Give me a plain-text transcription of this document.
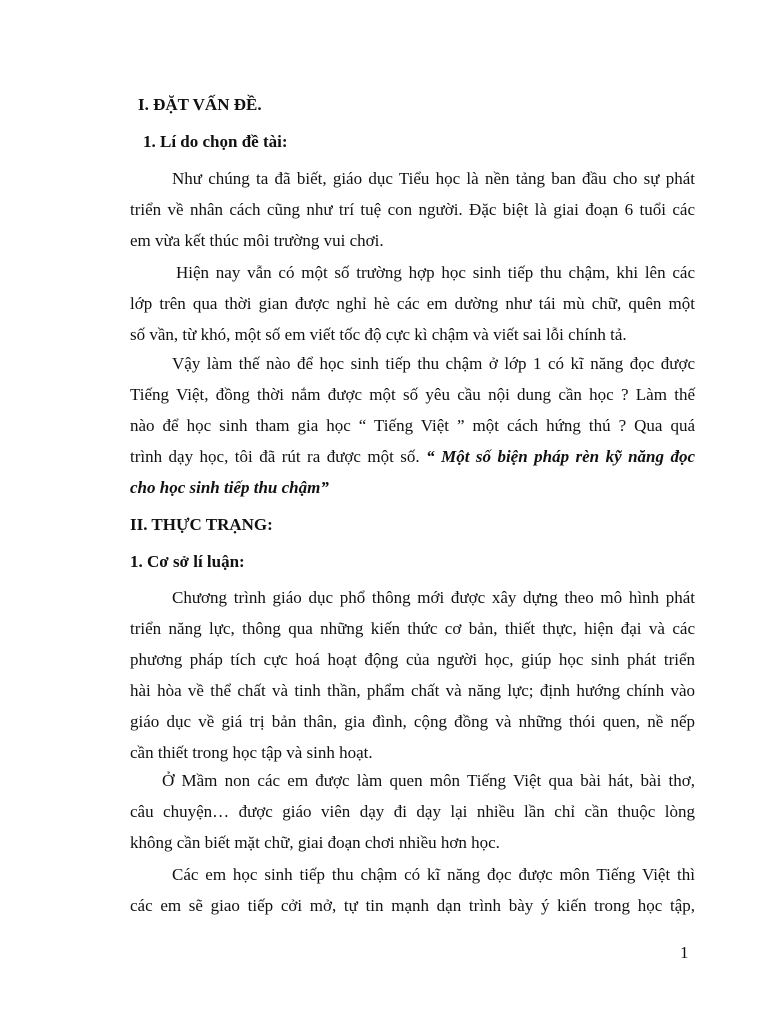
I. ĐẶT VẤN ĐỀ.
1. Lí do chọn đề tài:
Như chúng ta đã biết, giáo dục Tiểu học là nền tảng ban đầu cho sự phát
triển về nhân cách cũng như trí tuệ con người. Đặc biệt là giai đoạn 6 tuổi các
em vừa kết thúc môi trường vui chơi.
Hiện nay vẫn có một số trường hợp học sinh tiếp thu chậm, khi lên các
lớp trên qua thời gian được nghỉ hè các em dường như tái mù chữ, quên một
số vần, từ khó, một số em viết tốc độ cực kì chậm và viết sai lỗi chính tả.
Vậy làm thế nào để học sinh tiếp thu chậm ở lớp 1 có kĩ năng đọc được
Tiếng Việt, đồng thời nắm được một số yêu cầu nội dung cần học ? Làm thế
nào để học sinh tham gia học “ Tiếng Việt ” một cách hứng thú ? Qua quá
trình dạy học, tôi đã rút ra được một số. “ Một số biện pháp rèn kỹ năng đọc
cho học sinh tiếp thu chậm”
II. THỰC TRẠNG:
1. Cơ sở lí luận:
Chương trình giáo dục phổ thông mới được xây dựng theo mô hình phát
triển năng lực, thông qua những kiến thức cơ bản, thiết thực, hiện đại và các
phương pháp tích cực hoá hoạt động của người học, giúp học sinh phát triển
hài hòa về thể chất và tinh thần, phẩm chất và năng lực; định hướng chính vào
giáo dục về giá trị bản thân, gia đình, cộng đồng và những thói quen, nề nếp
cần thiết trong học tập và sinh hoạt.
Ở Mầm non các em được làm quen môn Tiếng Việt qua bài hát, bài thơ,
câu chuyện… được giáo viên dạy đi dạy lại nhiều lần chỉ cần thuộc lòng
không cần biết mặt chữ, giai đoạn chơi nhiều hơn học.
Các em học sinh tiếp thu chậm có kĩ năng đọc được môn Tiếng Việt thì
các em sẽ giao tiếp cởi mở, tự tin mạnh dạn trình bày ý kiến trong học tập,
1
